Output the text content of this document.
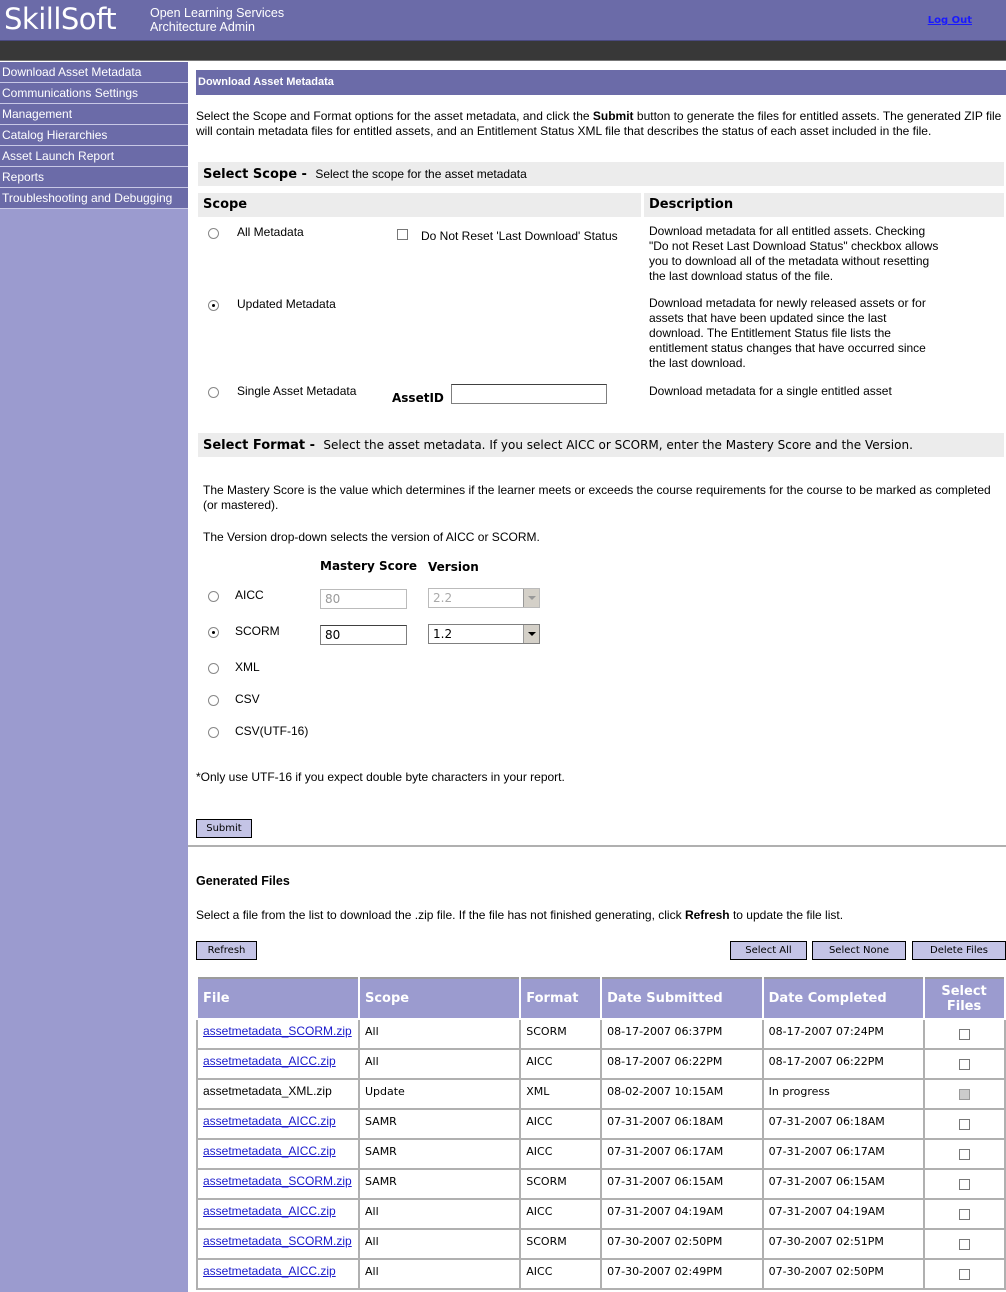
SkillSoft	Open Learning Services
Architecture Admin	Log Out
Download Asset Metadata
Communications Settings
Management
Catalog Hierarchies
Asset Launch Report
Reports
Troubleshooting and Debugging
Download Asset Metadata
Select the Scope and Format options for the asset metadata, and click the Submit button to generate the files for entitled assets. The generated ZIP file will contain metadata files for entitled assets, and an Entitlement Status XML file that describes the status of each asset included in the file.
Select Scope -  Select the scope for the asset metadata
Scope	Description
All Metadata	Do Not Reset 'Last Download' Status	Download metadata for all entitled assets. Checking "Do not Reset Last Download Status" checkbox allows you to download all of the metadata without resetting the last download status of the file.
Updated Metadata	Download metadata for newly released assets or for assets that have been updated since the last download. The Entitlement Status file lists the entitlement status changes that have occurred since the last download.
Single Asset Metadata	AssetID	Download metadata for a single entitled asset
Select Format -  Select the asset metadata. If you select AICC or SCORM, enter the Mastery Score and the Version.
The Mastery Score is the value which determines if the learner meets or exceeds the course requirements for the course to be marked as completed (or mastered).
The Version drop-down selects the version of AICC or SCORM.
Mastery Score Version
AICC	80	2.2
SCORM	80	1.2
XML
CSV
CSV(UTF-16)
*Only use UTF-16 if you expect double byte characters in your report.
Submit
Generated Files
Select a file from the list to download the .zip file. If the file has not finished generating, click Refresh to update the file list.
Refresh	Select All	Select None	Delete Files
File	Scope	Format	Date Submitted	Date Completed	Select Files
assetmetadata_SCORM.zip	All	SCORM	08-17-2007 06:37PM	08-17-2007 07:24PM	
assetmetadata_AICC.zip	All	AICC	08-17-2007 06:22PM	08-17-2007 06:22PM	
assetmetadata_XML.zip	Update	XML	08-02-2007 10:15AM	In progress	
assetmetadata_AICC.zip	SAMR	AICC	07-31-2007 06:18AM	07-31-2007 06:18AM	
assetmetadata_AICC.zip	SAMR	AICC	07-31-2007 06:17AM	07-31-2007 06:17AM	
assetmetadata_SCORM.zip	SAMR	SCORM	07-31-2007 06:15AM	07-31-2007 06:15AM	
assetmetadata_AICC.zip	All	AICC	07-31-2007 04:19AM	07-31-2007 04:19AM	
assetmetadata_SCORM.zip	All	SCORM	07-30-2007 02:50PM	07-30-2007 02:51PM	
assetmetadata_AICC.zip	All	AICC	07-30-2007 02:49PM	07-30-2007 02:50PM	
